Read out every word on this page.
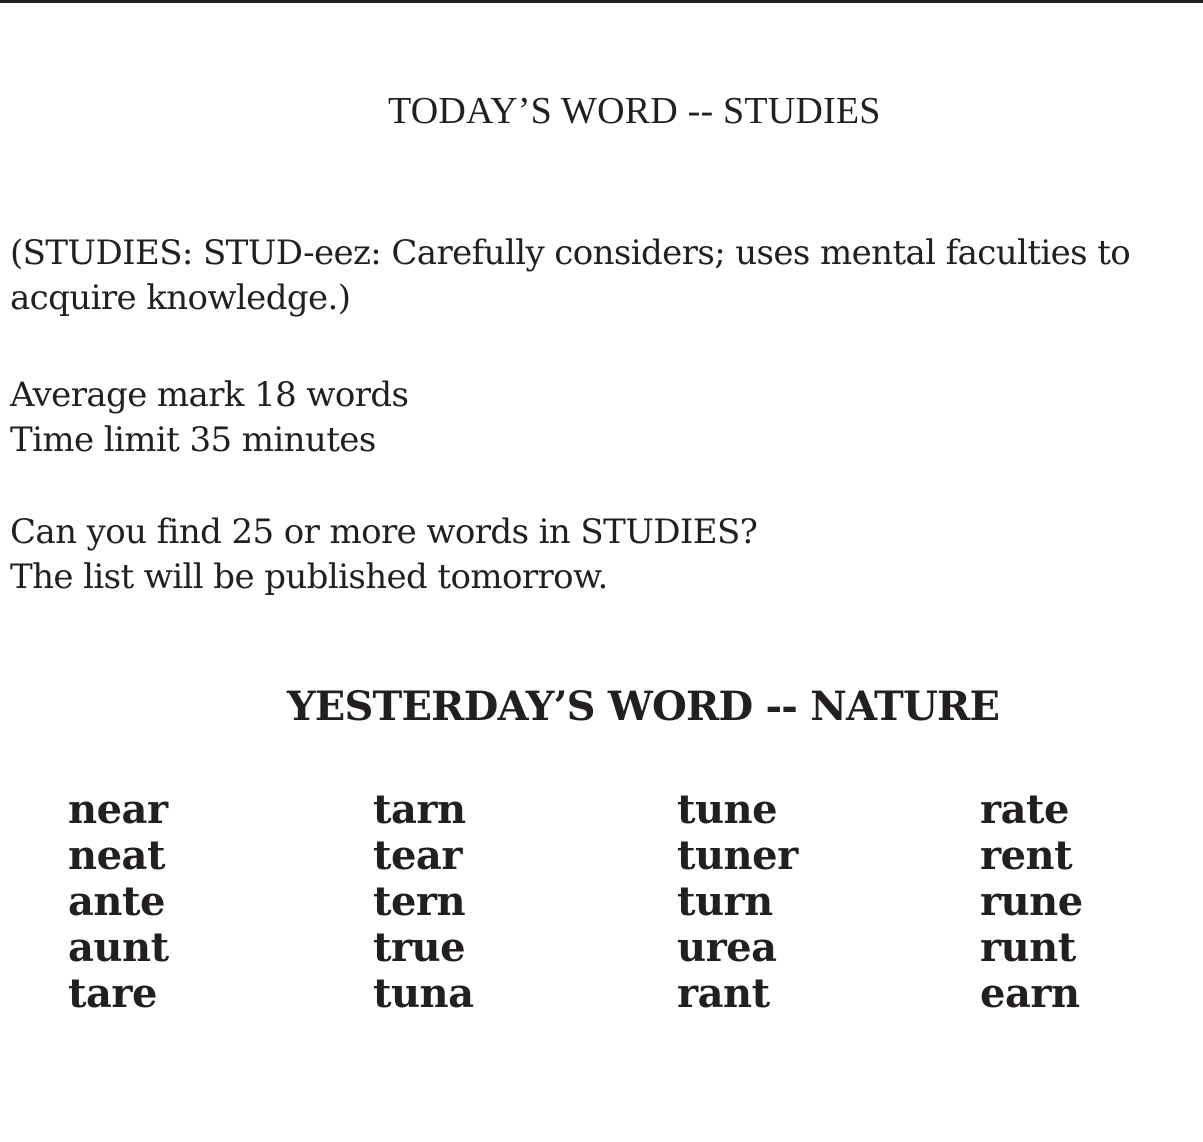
TODAY’S WORD -- STUDIES
(STUDIES: STUD-eez: Carefully considers; uses mental faculties to acquire knowledge.)
Average mark 18 words
Time limit 35 minutes
Can you find 25 or more words in STUDIES?
The list will be published tomorrow.
YESTERDAY’S WORD -- NATURE
near
neat
ante
aunt
tare
tarn
tear
tern
true
tuna
tune
tuner
turn
urea
rant
rate
rent
rune
runt
earn
